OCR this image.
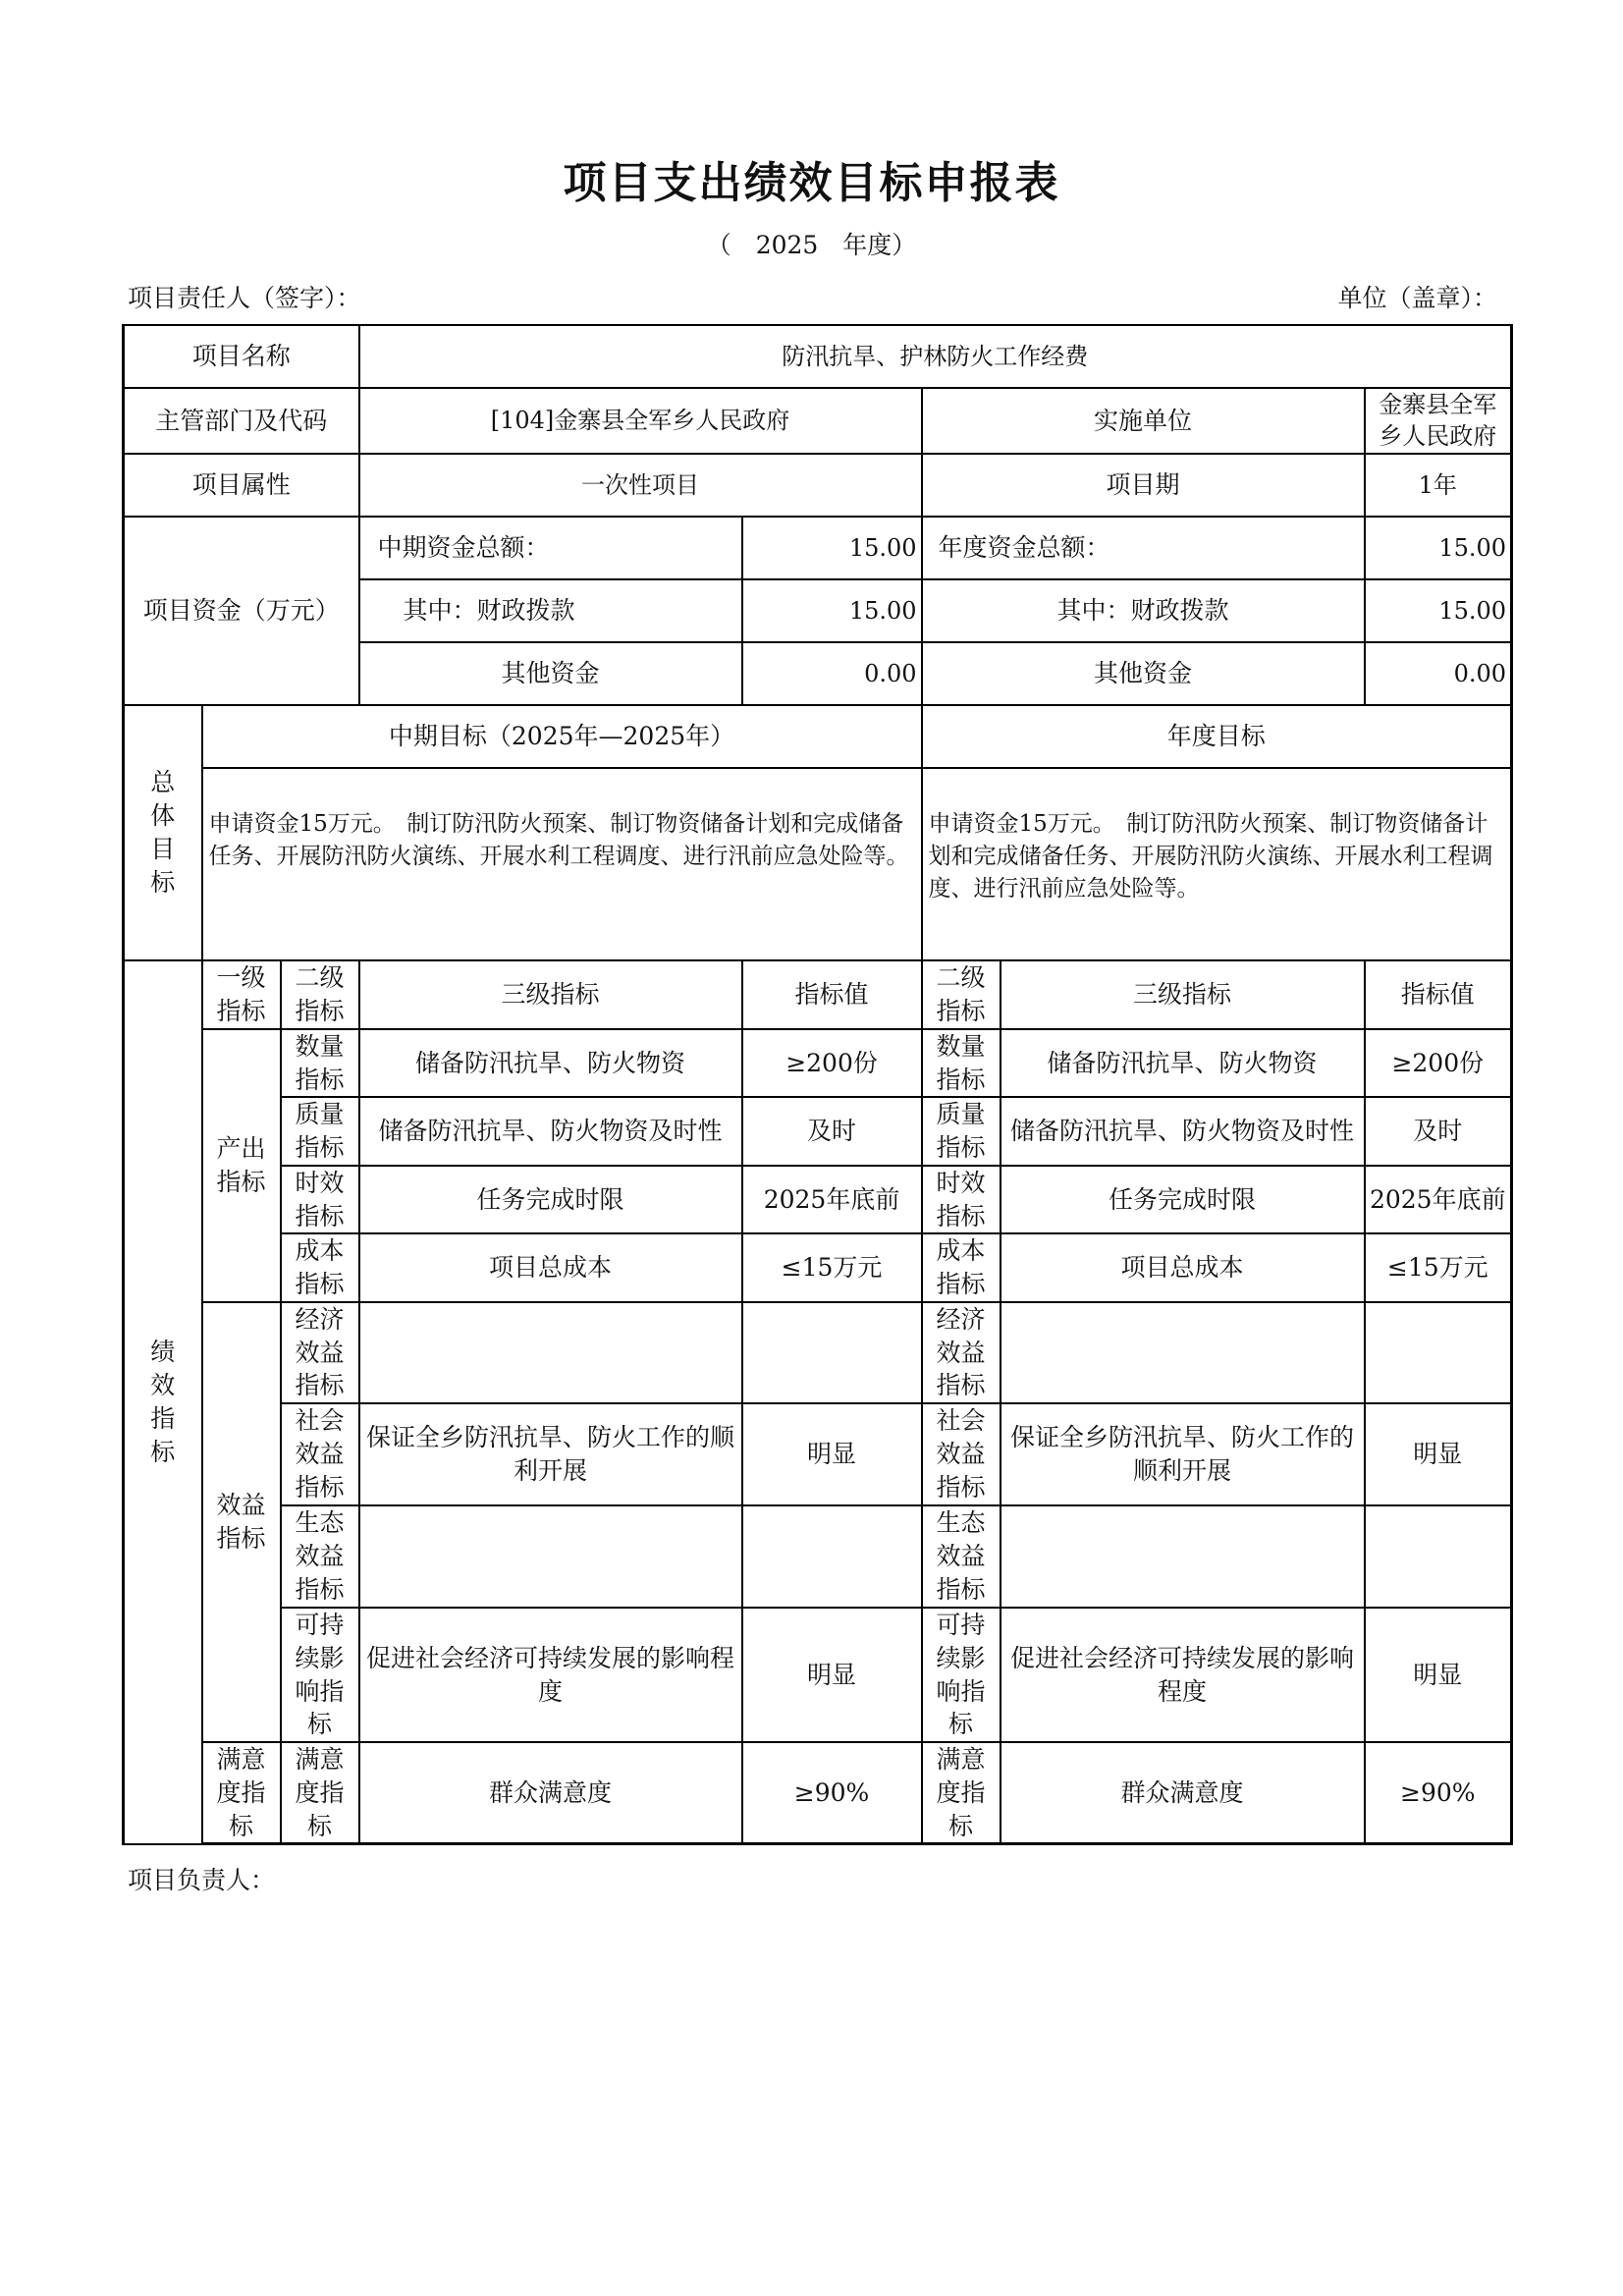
项目支出绩效目标申报表
（　2025　年度）
项目责任人（签字）：	单位（盖章）：
项目名称			防汛抗旱、护林防火工作经费				
主管部门及代码			[104]金寨县全军乡人民政府		实施单位		金寨县全军乡人民政府
项目属性			一次性项目		项目期		1年
项目资金（万元）			中期资金总额：	15.00	年度资金总额：		15.00
			其中：财政拨款	15.00	其中：财政拨款		15.00
			其他资金	0.00	其他资金		0.00
总体目标	中期目标（2025年—2025年）				年度目标		
	申请资金15万元。　制订防汛防火预案、制订物资储备计划和完成储备任务、开展防汛防火演练、开展水利工程调度、进行汛前应急处险等。				申请资金15万元。　制订防汛防火预案、制订物资储备计划和完成储备任务、开展防汛防火演练、开展水利工程调度、进行汛前应急处险等。		
绩效指标	一级指标	二级指标	三级指标	指标值	二级指标	三级指标	指标值
	产出指标	数量指标	储备防汛抗旱、防火物资	≥200份	数量指标	储备防汛抗旱、防火物资	≥200份
		质量指标	储备防汛抗旱、防火物资及时性	及时	质量指标	储备防汛抗旱、防火物资及时性	及时
		时效指标	任务完成时限	2025年底前	时效指标	任务完成时限	2025年底前
		成本指标	项目总成本	≤15万元	成本指标	项目总成本	≤15万元
	效益指标	经济效益指标			经济效益指标		
		社会效益指标	保证全乡防汛抗旱、防火工作的顺利开展	明显	社会效益指标	保证全乡防汛抗旱、防火工作的顺利开展	明显
		生态效益指标			生态效益指标		
		可持续影响指标	促进社会经济可持续发展的影响程度	明显	可持续影响指标	促进社会经济可持续发展的影响程度	明显
	满意度指标	满意度指标	群众满意度	≥90%	满意度指标	群众满意度	≥90%
项目负责人：
